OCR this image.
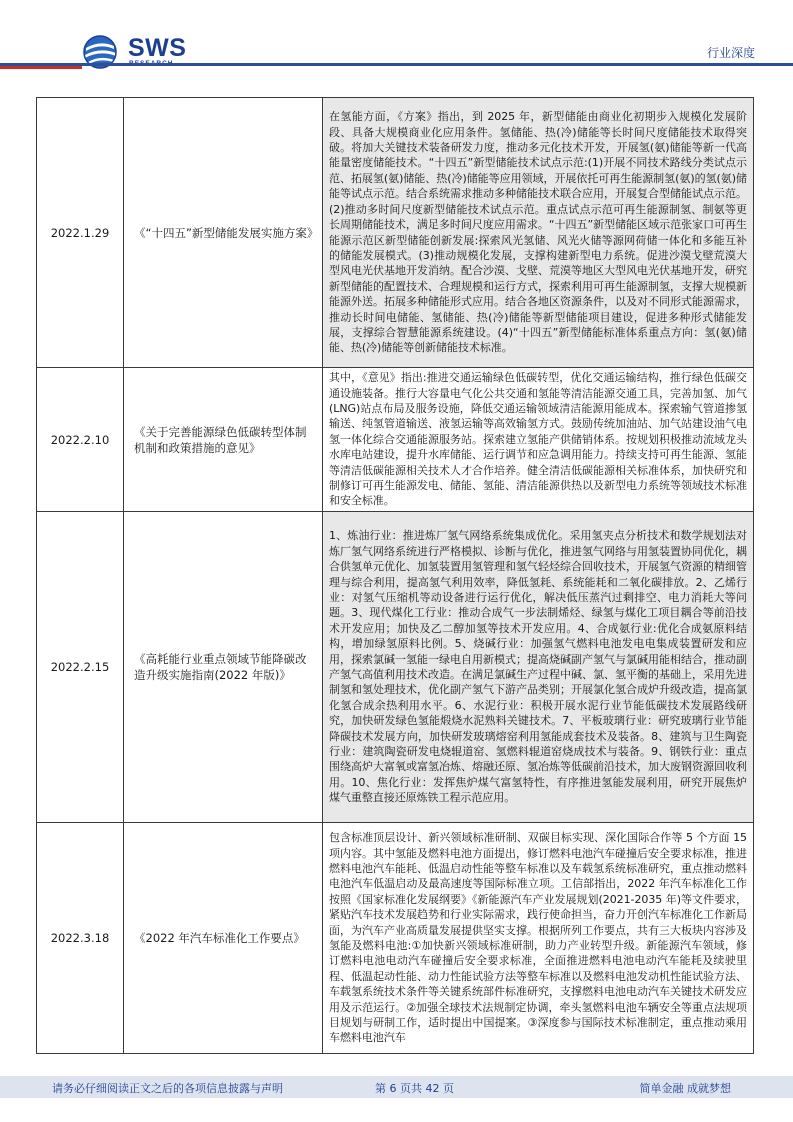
SWS	行业深度
2022.1.29	《“十四五”新型储能发展实施方案》	在氢能方面，《方案》指出，到 2025 年，新型储能由商业化初期步入规模化发展阶段、具备大规模商业化应用条件。氢储能、热(冷)储能等长时间尺度储能技术取得突破。将加大关键技术装备研发力度，推动多元化技术开发，开展氢(氨)储能等新一代高能量密度储能技术。“十四五”新型储能技术试点示范:(1)开展不同技术路线分类试点示范、拓展氢(氨)储能、热(冷)储能等应用领域，开展依托可再生能源制氢(氨)的氢(氨)储能等试点示范。结合系统需求推动多种储能技术联合应用，开展复合型储能试点示范。(2)推动多时间尺度新型储能技术试点示范。重点试点示范可再生能源制氢、制氨等更长周期储能技术，满足多时间尺度应用需求。“十四五”新型储能区域示范张家口可再生能源示范区新型储能创新发展:探索风光氢储、风光火储等源网荷储一体化和多能互补的储能发展模式。(3)推动规模化发展，支撑构建新型电力系统。促进沙漠戈壁荒漠大型风电光伏基地开发消纳。配合沙漠、戈壁、荒漠等地区大型风电光伏基地开发，研究新型储能的配置技术、合理规模和运行方式，探索利用可再生能源制氢，支撑大规模新能源外送。拓展多种储能形式应用。结合各地区资源条件，以及对不同形式能源需求，推动长时间电储能、氢储能、热(冷)储能等新型储能项目建设，促进多种形式储能发展，支撑综合智慧能源系统建设。(4)“十四五”新型储能标准体系重点方向：氢(氨)储能、热(冷)储能等创新储能技术标准。
2022.2.10	《关于完善能源绿色低碳转型体制机制和政策措施的意见》	其中，《意见》指出:推进交通运输绿色低碳转型，优化交通运输结构，推行绿色低碳交通设施装备。推行大容量电气化公共交通和氢能等清洁能源交通工具，完善加氢、加气(LNG)站点布局及服务设施，降低交通运输领域清洁能源用能成本。探索输气管道掺氢输送、纯氢管道输送、液氢运输等高效输氢方式。鼓励传统加油站、加气站建设油气电氢一体化综合交通能源服务站。探索建立氢能产供储销体系。按规划积极推动流域龙头水库电站建设，提升水库储能、运行调节和应急调用能力。持续支持可再生能源、氢能等清洁低碳能源相关技术人才合作培养。健全清洁低碳能源相关标准体系，加快研究和制修订可再生能源发电、储能、氢能、清洁能源供热以及新型电力系统等领域技术标准和安全标准。
2022.2.15	《高耗能行业重点领域节能降碳改造升级实施指南(2022 年版)》	1、炼油行业：推进炼厂氢气网络系统集成优化。采用氢夹点分析技术和数学规划法对炼厂氢气网络系统进行严格模拟、诊断与优化，推进氢气网络与用氢装置协同优化，耦合供氢单元优化、加氢装置用氢管理和氢气轻烃综合回收技术，开展氢气资源的精细管理与综合利用，提高氢气利用效率，降低氢耗、系统能耗和二氧化碳排放。2、乙烯行业：对氢气压缩机等动设备进行运行优化，解决低压蒸汽过剩排空、电力消耗大等问题。3、现代煤化工行业：推动合成气一步法制烯烃、绿氢与煤化工项目耦合等前沿技术开发应用；加快及乙二醇加氢等技术开发应用。4、合成氨行业:优化合成氨原料结构，增加绿氢原料比例。5、烧碱行业：加强氢气燃料电池发电电集成装置研发和应用，探索氯碱一氢能一绿电自用新模式；提高烧碱副产氢气与氯碱用能相结合，推动副产氢气高值利用技术改造。在满足氯碱生产过程中碱、氯、氢平衡的基础上，采用先进制氢和氢处理技术，优化副产氢气下游产品类别；开展氯化氢合成炉升级改造，提高氯化氢合成余热利用水平。6、水泥行业：积极开展水泥行业节能低碳技术发展路线研究，加快研发绿色氢能煅烧水泥熟料关键技术。7、平板玻璃行业：研究玻璃行业节能降碳技术发展方向，加快研发玻璃熔窑利用氢能成套技术及装备。8、建筑与卫生陶瓷行业：建筑陶瓷研发电烧辊道窑、氢燃料辊道窑烧成技术与装备。9、钢铁行业：重点围绕高炉大富氧或富氢冶炼、熔融还原、氢冶炼等低碳前沿技术，加大废钢资源回收利用。10、焦化行业：发挥焦炉煤气富氢特性，有序推进氢能发展利用，研究开展焦炉煤气重整直接还原炼铁工程示范应用。
2022.3.18	《2022 年汽车标准化工作要点》	包含标准顶层设计、新兴领域标准研制、双碳目标实现、深化国际合作等 5 个方面 15 项内容。其中氢能及燃料电池方面提出，修订燃料电池汽车碰撞后安全要求标准，推进燃料电池汽车能耗、低温启动性能等整车标准以及车载氢系统标准研究，重点推动燃料电池汽车低温启动及最高速度等国际标准立项。工信部指出，2022 年汽车标准化工作按照《国家标准化发展纲要》《新能源汽车产业发展规划(2021-2035 年)等文件要求，紧贴汽车技术发展趋势和行业实际需求，践行使命担当，奋力开创汽车标准化工作新局面，为汽车产业高质量发展提供坚实支撑。根据所列工作要点，共有三大板块内容涉及氢能及燃料电池:①加快新兴领域标准研制，助力产业转型升级。新能源汽车领域，修订燃料电池电动汽车碰撞后安全要求标准，全面推进燃料电池电动汽车能耗及续驶里程、低温起动性能、动力性能试验方法等整车标准以及燃料电池发动机性能试验方法、车载氢系统技术条件等关键系统部件标准研究，支撑燃料电池电动汽车关键技术研发应用及示范运行。②加强全球技术法规制定协调，牵头氢燃料电池车辆安全等重点法规项目规划与研制工作，适时提出中国提案。③深度参与国际技术标准制定，重点推动乘用车燃料电池汽车
请务必仔细阅读正文之后的各项信息披露与声明	第 6 页共 42 页	简单金融 成就梦想
